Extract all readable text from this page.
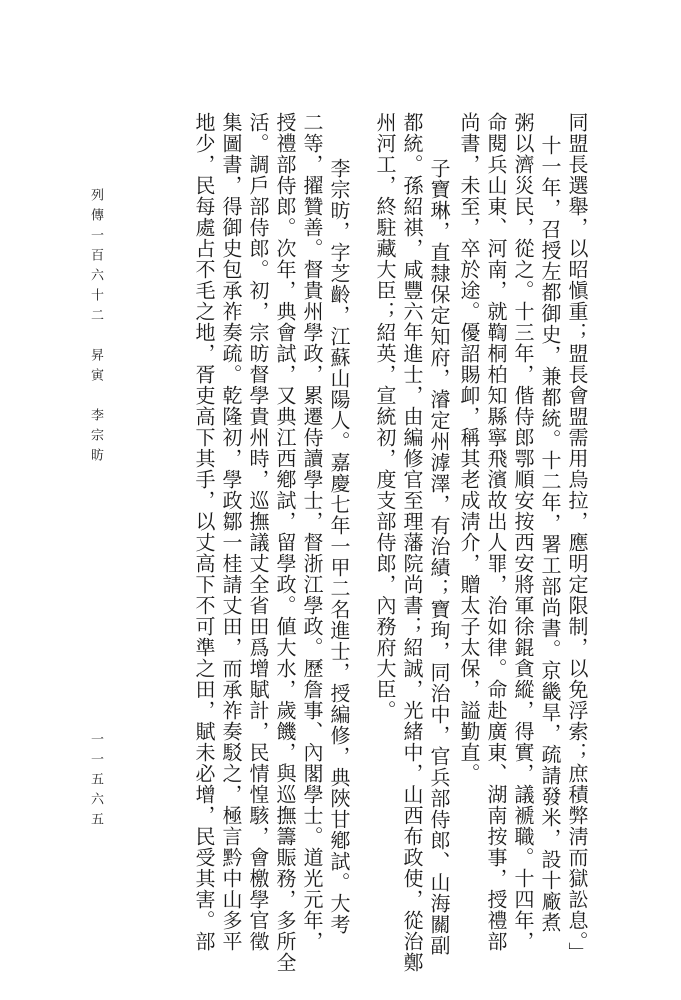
列傳一百六十二　昇寅　李宗昉
一一五六五	同盟長選舉，以昭愼重；盟長會盟需用烏拉，應明定限制，以免浮索；庶積弊淸而獄訟息。」
十一年，召授左都御史，兼都統。十二年，署工部尚書。京畿旱，疏請發米，設十廠煮
粥以濟災民，從之。十三年，偕侍郎鄂順安按西安將軍徐錕貪縱，得實，議褫職。十四年，
命閱兵山東、河南，就鞫桐柏知縣寧飛濱故出人罪，治如律。命赴廣東、湖南按事，授禮部
尚書，未至，卒於途。優詔賜卹，稱其老成淸介，贈太子太保，謚勤直。
子寶琳，直隸保定知府，濬定州滹澤，有治績；寶珣，同治中，官兵部侍郎、山海關副
都統。孫紹祺，咸豐六年進士，由編修官至理藩院尚書；紹誠，光緒中，山西布政使，從治鄭
州河工，終駐藏大臣；紹英，宣統初，度支部侍郎，內務府大臣。
李宗昉，字芝齡，江蘇山陽人。嘉慶七年一甲二名進士，授編修，典陜甘鄕試。大考
二等，擢贊善。督貴州學政，累遷侍讀學士，督浙江學政。歷詹事、內閣學士。道光元年，
授禮部侍郎。次年，典會試，又典江西鄕試，留學政。値大水，歲饑，與巡撫籌賑務，多所全
活。調戶部侍郎。初，宗昉督學貴州時，巡撫議丈全省田爲增賦計，民情惶駭，會檄學官徵
集圖書，得御史包承祚奏疏。乾隆初，學政鄒一桂請丈田，而承祚奏駁之，極言黔中山多平
地少，民每處占不毛之地，胥吏高下其手，以丈高下不可準之田，賦未必增，民受其害。部
